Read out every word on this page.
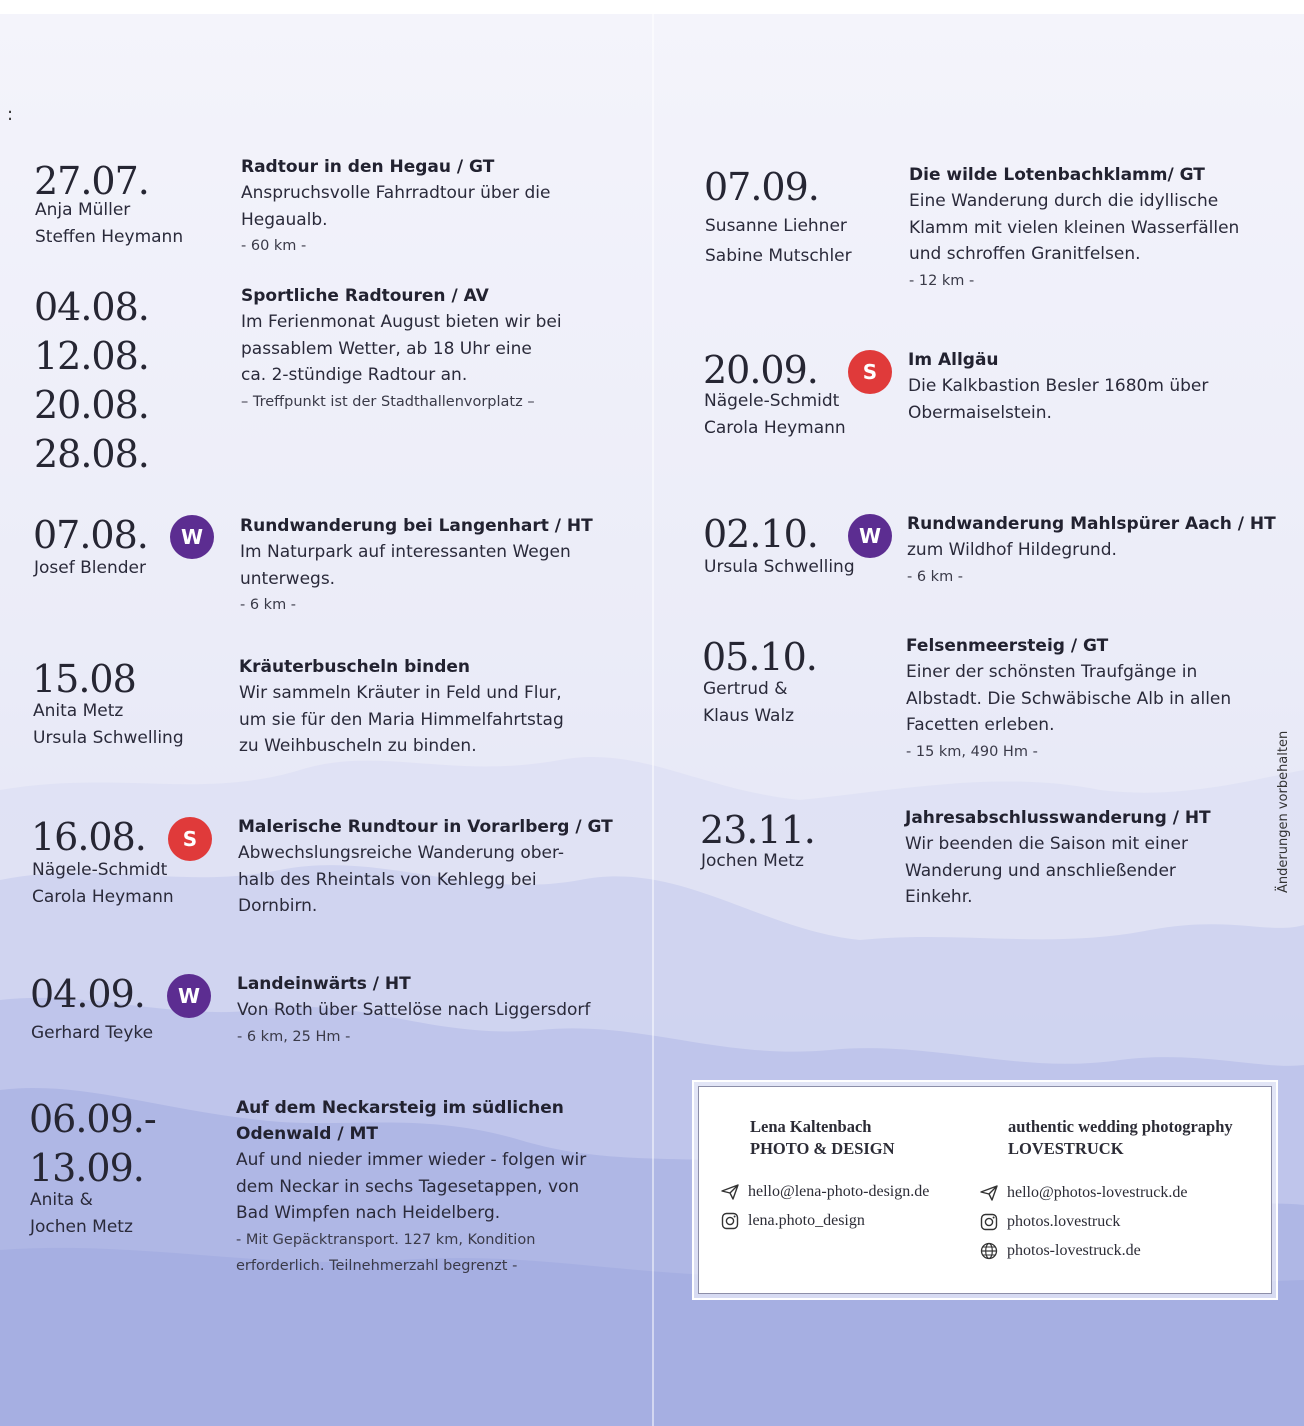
:
27.07.
Anja Müller
Steffen Heymann
Radtour in den Hegau / GT
Anspruchsvolle Fahrradtour über die
Hegaualb.
- 60 km -
04.08.
12.08.
20.08.
28.08.
Sportliche Radtouren / AV
Im Ferienmonat August bieten wir bei
passablem Wetter, ab 18 Uhr eine
ca. 2-stündige Radtour an.
– Treffpunkt ist der Stadthallenvorplatz –
07.08.
Josef Blender
W	Rundwanderung bei Langenhart / HT
Im Naturpark auf interessanten Wegen
unterwegs.
- 6 km -
15.08
Anita Metz
Ursula Schwelling
Kräuterbuscheln binden
Wir sammeln Kräuter in Feld und Flur,
um sie für den Maria Himmelfahrtstag
zu Weihbuscheln zu binden.
16.08.
Nägele-Schmidt
Carola Heymann
S	Malerische Rundtour in Vorarlberg / GT
Abwechslungsreiche Wanderung ober-
halb des Rheintals von Kehlegg bei
Dornbirn.
04.09.
Gerhard Teyke
W	Landeinwärts / HT
Von Roth über Sattelöse nach Liggersdorf
- 6 km, 25 Hm -
06.09.-
13.09.
Anita &
Jochen Metz
Auf dem Neckarsteig im südlichen
Odenwald / MT
Auf und nieder immer wieder - folgen wir
dem Neckar in sechs Tagesetappen, von
Bad Wimpfen nach Heidelberg.
- Mit Gepäcktransport. 127 km, Kondition
erforderlich. Teilnehmerzahl begrenzt -
07.09.
Susanne Liehner
Sabine Mutschler
Die wilde Lotenbachklamm/ GT
Eine Wanderung durch die idyllische
Klamm mit vielen kleinen Wasserfällen
und schroffen Granitfelsen.
- 12 km -
20.09.
Nägele-Schmidt
Carola Heymann
S	Im Allgäu
Die Kalkbastion Besler 1680m über
Obermaiselstein.
02.10.
Ursula Schwelling
W	Rundwanderung Mahlspürer Aach / HT
zum Wildhof Hildegrund.
- 6 km -
05.10.
Gertrud &
Klaus Walz
Felsenmeersteig / GT
Einer der schönsten Traufgänge in
Albstadt. Die Schwäbische Alb in allen
Facetten erleben.
- 15 km, 490 Hm -
23.11.
Jochen Metz
Jahresabschlusswanderung / HT
Wir beenden die Saison mit einer
Wanderung und anschließender
Einkehr.
Änderungen vorbehalten
Lena Kaltenbach
PHOTO & DESIGN
hello@lena-photo-design.de
lena.photo_design
authentic wedding photography
LOVESTRUCK
hello@photos-lovestruck.de
photos.lovestruck
photos-lovestruck.de
